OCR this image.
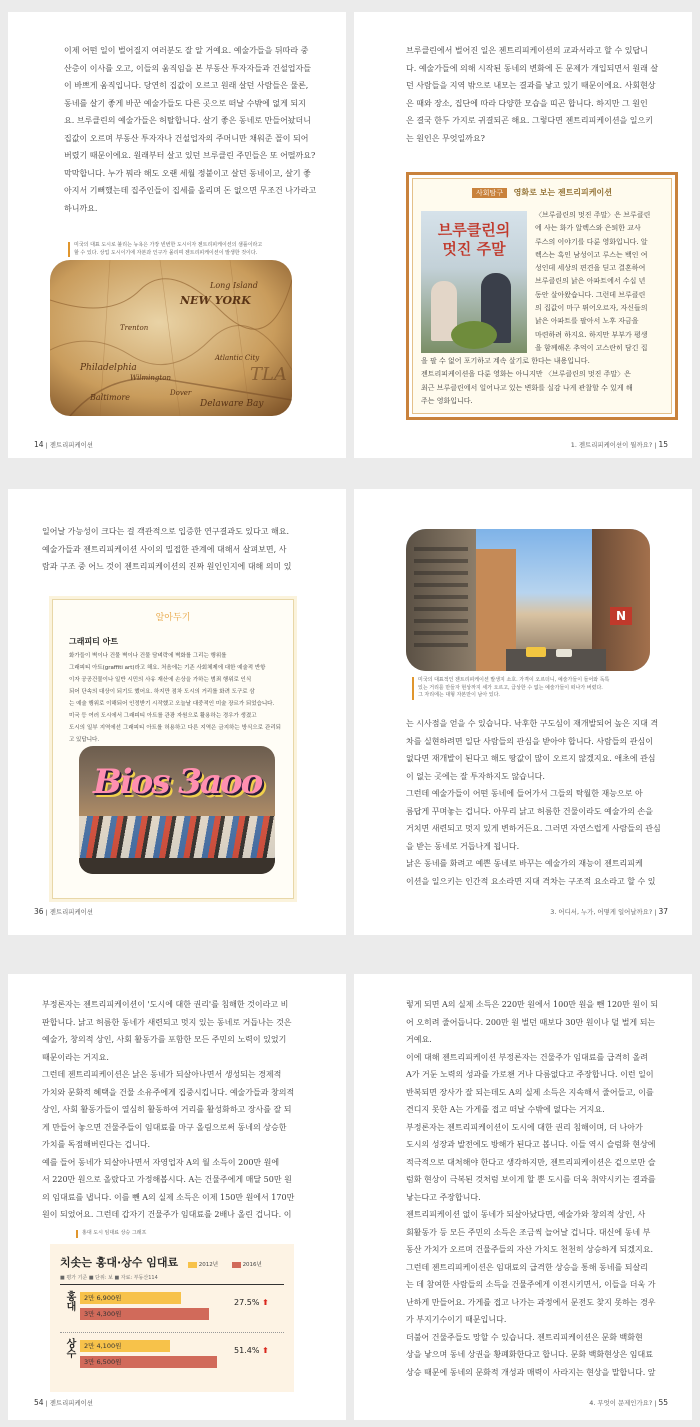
이제 어떤 일이 벌어질지 여러분도 잘 알 거예요. 예술가들을 뒤따라 중
산층이 이사를 오고, 이들의 움직임을 본 부동산 투자자들과 건설업자들
이 바쁘게 움직입니다. 당연히 집값이 오르고 원래 살던 사람들은 물론,
동네를 살기 좋게 바꾼 예술가들도 다른 곳으로 떠날 수밖에 없게 되지
요. 브루클린의 예술가들은 허탈합니다. 살기 좋은 동네로 만들어놨더니
집값이 오르며 부동산 투자자나 건설업자의 주머니만 채워준 꼴이 되어
버렸기 때문이에요. 원래부터 살고 있던 브루클린 주민들은 또 어떨까요?
막막합니다. 누가 뭐라 해도 오랜 세월 정붙이고 살던 동네이고, 살기 좋
아지서 기뻐했는데 집주인들이 집세를 올리며 돈 없으면 무조건 나가라고
하니까요.
미국의 대표 도시로 불리는 뉴욕은 가장 빈번한 도시이자 젠트리피케이션의 샘플이라고
할 수 있다. 상업 도시이기에 자본과 인구가 몰리며 젠트리피케이션이 발생한 것이다.
NEW YORK
Long Island
Delaware Bay
Atlantic City
Philadelphia
Wilmington
Baltimore
Trenton
Dover
TLA
14 | 젠트리피케이션
브루클린에서 벌어진 일은 젠트리피케이션의 교과서라고 할 수 있답니
다. 예술가들에 의해 시작된 동네의 변화에 돈 문제가 개입되면서 원래 살
던 사람들을 지역 밖으로 내모는 결과를 낳고 있기 때문이에요. 사회현상
은 때와 장소, 집단에 따라 다양한 모습을 띠곤 합니다. 하지만 그 원인
은 결국 한두 가지로 귀결되곤 해요. 그렇다면 젠트리피케이션을 일으키
는 원인은 무엇일까요?
사회탐구 영화로 보는 젠트리피케이션
브루클린의
멋진 주말
〈브루클린의 멋진 주말〉은 브루클린
에 사는 화가 알렉스와 은퇴한 교사
루스의 이야기를 다룬 영화입니다. 알
렉스는 흑인 남성이고 루스는 백인 여
성인데 세상의 편견을 딛고 결혼하여
브루클린의 낡은 아파트에서 수십 년
동안 살아왔습니다. 그런데 브루클린
의 집값이 마구 뛰어오르자, 자신들의
낡은 아파트를 팔아서 노후 자금을
마련하려 하지요. 하지만 부부가 평생
을 함께해온 추억이 고스란히 담긴 집
을 팔 수 없어 포기하고 계속 살기로 한다는 내용입니다.
젠트리피케이션을 다룬 영화는 아니지만 〈브루클린의 멋진 주말〉은
최근 브루클린에서 일어나고 있는 변화를 실감 나게 관찰할 수 있게 해
주는 영화입니다.
1. 젠트리피케이션이 뭘까요? | 15
일어날 가능성이 크다는 걸 객관적으로 입증한 연구결과도 있다고 해요.
예술가들과 젠트리피케이션 사이의 밀접한 관계에 대해서 살펴보면, 사
람과 구조 중 어느 것이 젠트리피케이션의 진짜 원인인지에 대해 의미 있
알아두기
그래피티 아트
화가들이 벽이나 건물 벽이나 건물 담벼락에 벽화를 그리는 행위를
그래피티 아트(graffiti art)라고 해요. 처음에는 기존 사회체제에 대한 예술적 반항
이자 공공건물이나 일반 시민의 사유 재산에 손상을 가하는 범죄 행위로 인식
되어 단속의 대상이 되기도 했어요. 하지만 점차 도시의 거리를 화려 도구로 삼
는 예술 행위로 이해되어 인정받기 시작했고 오늘날 대중적인 미술 장르가 되었습니다.
미국 등 여러 도시에서 그래피티 아트를 관광 자원으로 활용하는 경우가 생겼고
도시의 일부 지역에선 그래피티 아트를 허용하고 다른 지역은 금지하는 방식으로 관리되고 있답니다.
Bios 3aoo
36 | 젠트리피케이션
N
미국의 대표적인 젠트리피케이션 발생지 소호. 가격이 오르더니, 예술가들이 들어와 독특
있는 거리를 만들자 현상까지 세가 오르고, 급상한 수 없는 예술가들이 떠나가 버렸다.
그 자리에는 대형 자본만이 남아 있다.
는 시사점을 얻을 수 있습니다. 낙후한 구도심이 재개발되어 높은 지대 격
차를 실현하려면 일단 사람들의 관심을 받아야 합니다. 사람들의 관심이
없다면 재개발이 된다고 해도 땅값이 많이 오르지 않겠지요. 애초에 관심
이 없는 곳에는 잘 투자하지도 않습니다.
그런데 예술가들이 어떤 동네에 들어가서 그들의 탁월한 재능으로 아
름답게 꾸며놓는 겁니다. 아무리 낡고 허름한 건물이라도 예술가의 손을
거치면 새련되고 멋지 있게 변하거든요. 그러면 자연스럽게 사람들의 관심
을 받는 동네로 거듭나게 됩니다.
낡은 동네를 화려고 예쁜 동네로 바꾸는 예술가의 재능이 젠트리피케
이션을 일으키는 인간적 요소라면 지대 격차는 구조적 요소라고 할 수 있
3. 어디서, 누가, 어떻게 일어날까요? | 37
부정론자는 젠트리피케이션이 '도시에 대한 권리'를 침해한 것이라고 비
판합니다. 낡고 허름한 동네가 새련되고 멋지 있는 동네로 거듭나는 것은
예술가, 창의적 상인, 사회 활동가를 포함한 모든 주민의 노력이 있었기
때문이라는 거지요.
그런데 젠트리피케이션은 낡은 동네가 되살아나면서 생성되는 경제적
가치와 문화적 혜택을 건물 소유주에게 집중시킵니다. 예술가들과 창의적
상인, 사회 활동가들이 열심히 활동하여 거리를 활성화하고 장사를 잘 되
게 만들어 놓으면 건물주들이 임대료를 마구 올림으로써 동네의 상승한
가치를 독점해버린다는 겁니다.
예를 들어 동네가 되살아나면서 자영업자 A의 월 소득이 200만 원에
서 220만 원으로 올랐다고 가정해봅시다. A는 건물주에게 매달 50만 원
의 임대료를 냅니다. 이를 뺀 A의 실제 소득은 이제 150만 원에서 170만
원이 되었어요. 그런데 갑자기 건물주가 임대료를 2배나 올린 겁니다. 이
홍대 도시 임대료 상승 그래프
치솟는 홍대·상수 임대료
■ 평가 기준 ■ 단위: 보 ■ 자료: 부동산114
2012년	2016년
홍대
상수
2만 6,900원
3만 4,300원
2만 4,100원
3만 6,500원
27.5% ⬆
51.4% ⬆
54 | 젠트리피케이션
렇게 되면 A의 실제 소득은 220만 원에서 100만 원을 뺀 120만 원이 되
어 오히려 줄어듭니다. 200만 원 벌던 때보다 30만 원이나 덜 벌게 되는
거예요.
이에 대해 젠트리피케이션 부정론자는 건물주가 임대료를 급격히 올려
A가 거둔 노력의 성과를 가로챈 거나 다름없다고 주장합니다. 이런 일이
반복되면 장사가 잘 되는데도 A의 실제 소득은 지속해서 줄어들고, 이를
견디지 못한 A는 가게를 접고 떠날 수밖에 없다는 거지요.
부정론자는 젠트리피케이션이 도시에 대한 권리 침해이며, 더 나아가
도시의 성장과 발전에도 방해가 된다고 봅니다. 이들 역시 슬럼화 현상에
적극적으로 대처해야 한다고 생각하지만, 젠트리피케이션은 겉으로만 슬
럼화 현상이 극복된 것처럼 보이게 할 뿐 도시를 더욱 취약시키는 결과를
낳는다고 주장합니다.
젠트리피케이션 없이 동네가 되살아났다면, 예술가와 창의적 상인, 사
회활동가 등 모든 주민의 소득은 조금씩 늘어날 겁니다. 대신에 동네 부
동산 가치가 오르며 건물주들의 자산 가치도 천천히 상승하게 되겠지요.
그런데 젠트리피케이션은 임대료의 급격한 상승을 통해 동네를 되살리
는 데 참여한 사람들의 소득을 건물주에게 이전시키면서, 이들을 더욱 가
난하게 만들어요. 가게를 접고 나가는 과정에서 문전도 찾지 못하는 경우
가 부지기수이기 때문입니다.
더불어 건물주들도 망할 수 있습니다. 젠트리피케이션은 문화 백화현
상을 낳으며 동네 상권을 황폐화한다고 합니다. 문화 백화현상은 임대료
상승 때문에 동네의 문화적 개성과 매력이 사라지는 현상을 말합니다. 앞
4. 무엇이 문제인가요? | 55
